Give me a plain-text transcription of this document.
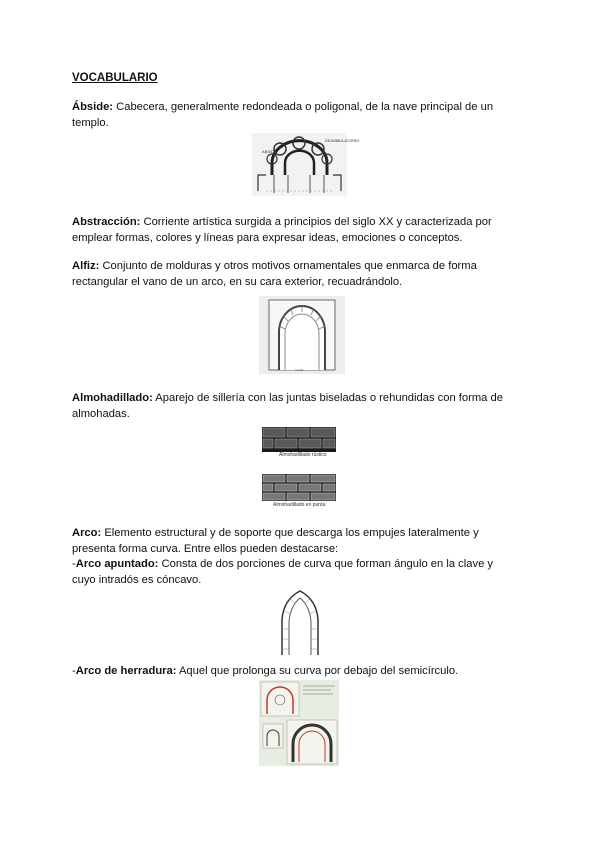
VOCABULARIO
Ábside: Cabecera, generalmente redondeada o poligonal, de la nave principal de un templo.
ABSIDE
DEAMBULATORIO
Abstracción: Corriente artística surgida a principios del siglo XX y caracterizada por emplear formas, colores y líneas para expresar ideas, emociones o conceptos.
Alfiz: Conjunto de molduras y otros motivos ornamentales que enmarca de forma rectangular el vano de un arco, en su cara exterior, recuadrándolo.
ALFIZ
Almohadillado: Aparejo de sillería con las juntas biseladas o rehundidas con forma de almohadas.
Almohadillado rústico
Almohadillado en punta
Arco: Elemento estructural y de soporte que descarga los empujes lateralmente y presenta forma curva. Entre ellos pueden destacarse:
-Arco apuntado: Consta de dos porciones de curva que forman ángulo en la clave y cuyo intradós es cóncavo.
-Arco de herradura: Aquel que prolonga su curva por debajo del semicírculo.
